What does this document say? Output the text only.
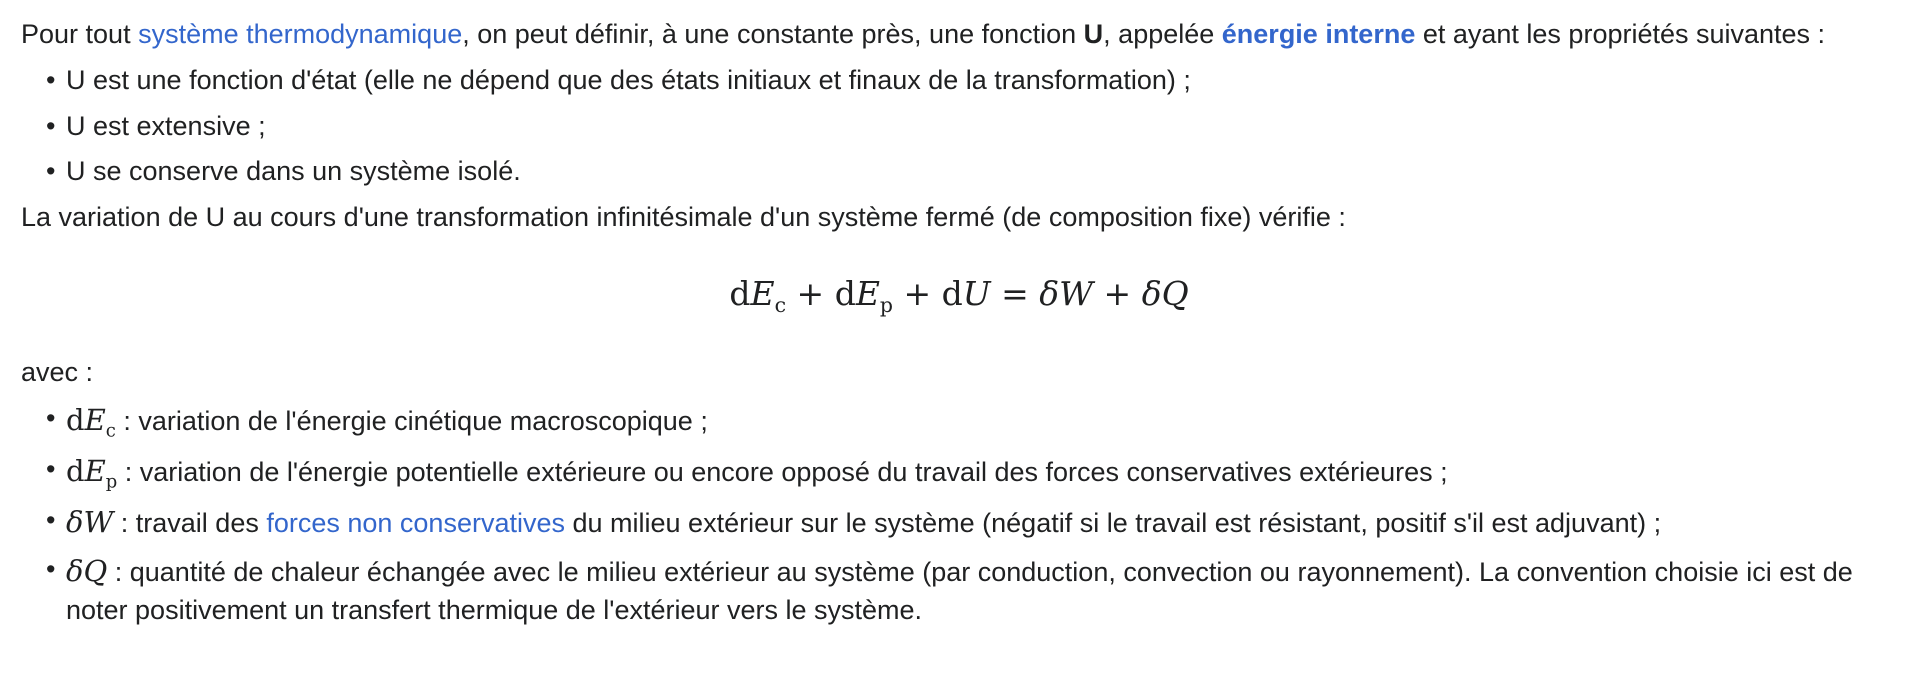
Pour tout système thermodynamique, on peut définir, à une constante près, une fonction U, appelée énergie interne et ayant les propriétés suivantes :

• U est une fonction d'état (elle ne dépend que des états initiaux et finaux de la transformation) ;
• U est extensive ;
• U se conserve dans un système isolé.

La variation de U au cours d'une transformation infinitésimale d'un système fermé (de composition fixe) vérifie :

$dE_c + dE_p$ + dU = δW + δQ

avec :

• $dE_c$ : variation de l'énergie cinétique macroscopique ;
• $dE_p$ : variation de l'énergie potentielle extérieure ou encore opposé du travail des forces conservatives extérieures ;
• δW : travail des forces non conservatives du milieu extérieur sur le système (négatif si le travail est résistant, positif s'il est adjuvant) ;
• δQ : quantité de chaleur échangée avec le milieu extérieur au système (par conduction, convection ou rayonnement). La convention choisie ici est de noter positivement un transfert thermique de l'extérieur vers le système.
